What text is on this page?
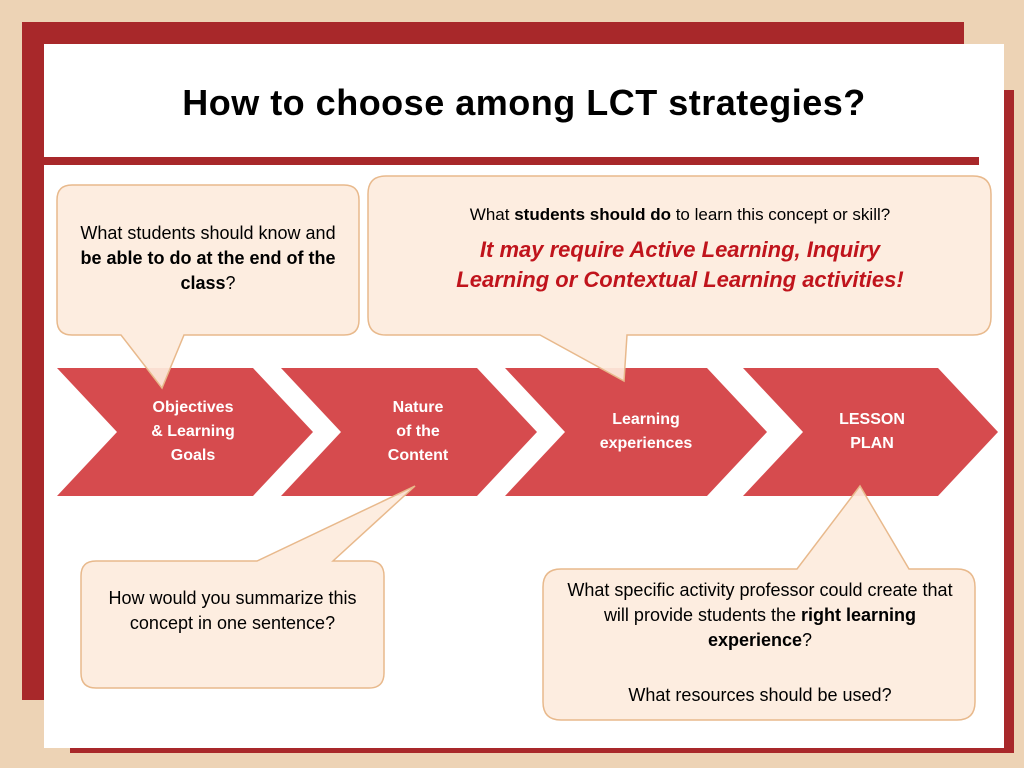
How to choose among LCT strategies?
Objectives
& Learning
Goals
Nature
of the
Content
Learning
experiences
LESSON
PLAN
What students should know and be able to do at the end of the class?
What students should do to learn this concept or skill?
It may require Active Learning, Inquiry Learning or Contextual Learning activities!
How would you summarize this concept in one sentence?
What specific activity professor could create that will provide students the right learning experience?
What resources should be used?
